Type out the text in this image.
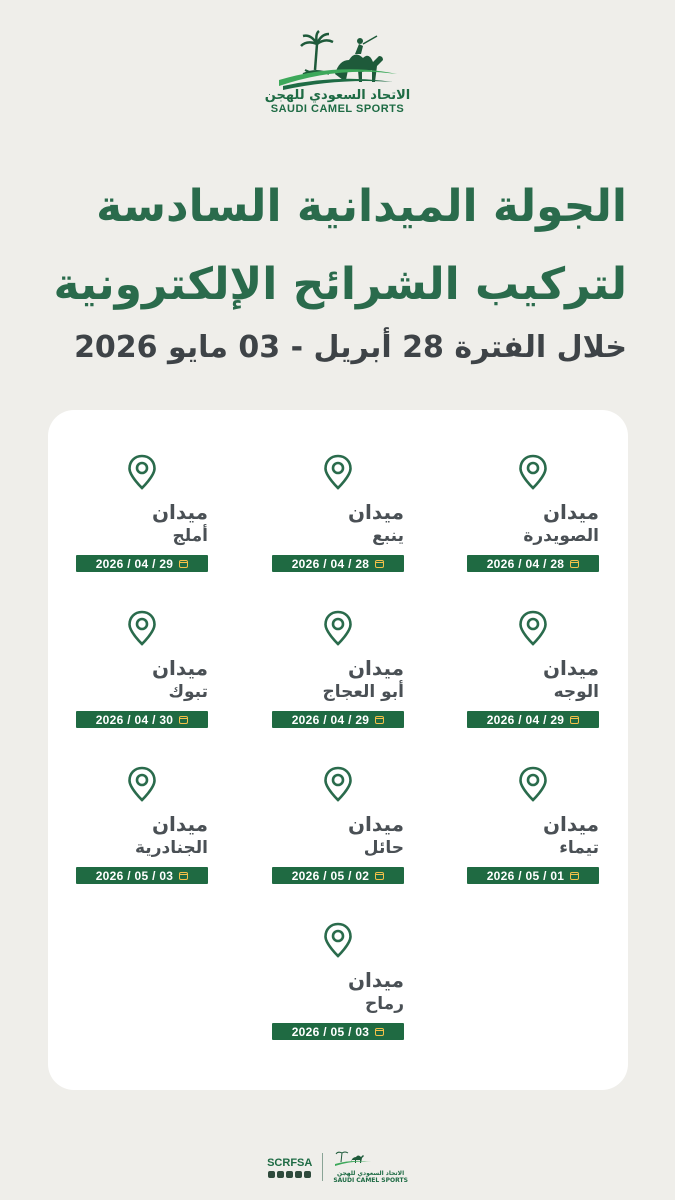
الاتحاد السعودي للهجن
SAUDI CAMEL SPORTS
الجولة الميدانية السادسة
لتركيب الشرائح الإلكترونية
خلال الفترة 28 أبريل - 03 مايو 2026
ميدان
الصويدرة
2026 / 04 / 28
ميدان
ينبع
2026 / 04 / 28
ميدان
أملج
2026 / 04 / 29
ميدان
الوجه
2026 / 04 / 29
ميدان
أبو العجاج
2026 / 04 / 29
ميدان
تبوك
2026 / 04 / 30
ميدان
تيماء
2026 / 05 / 01
ميدان
حائل
2026 / 05 / 02
ميدان
الجنادرية
2026 / 05 / 03
ميدان
رماح
2026 / 05 / 03
SCRFSA
الاتحاد السعودي للهجن
SAUDI CAMEL SPORTS
